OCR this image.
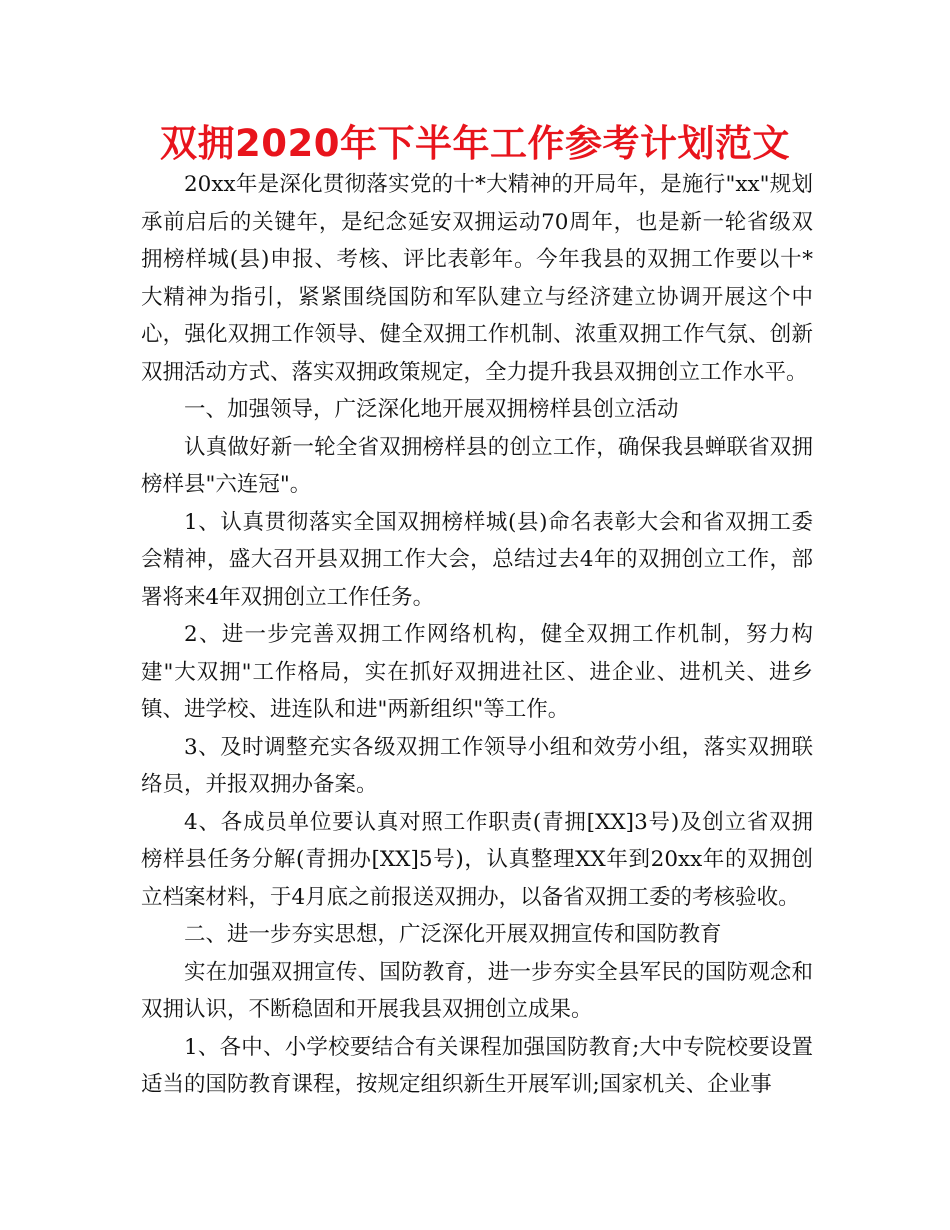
双拥2020年下半年工作参考计划范文

20xx年是深化贯彻落实党的十*大精神的开局年，是施行"xx"规划承前启后的关键年，是纪念延安双拥运动70周年，也是新一轮省级双拥榜样城(县)申报、考核、评比表彰年。今年我县的双拥工作要以十*大精神为指引，紧紧围绕国防和军队建立与经济建立协调开展这个中心，强化双拥工作领导、健全双拥工作机制、浓重双拥工作气氛、创新双拥活动方式、落实双拥政策规定，全力提升我县双拥创立工作水平。

一、加强领导，广泛深化地开展双拥榜样县创立活动

认真做好新一轮全省双拥榜样县的创立工作，确保我县蝉联省双拥榜样县"六连冠"。

1、认真贯彻落实全国双拥榜样城(县)命名表彰大会和省双拥工委会精神，盛大召开县双拥工作大会，总结过去4年的双拥创立工作，部署将来4年双拥创立工作任务。

2、进一步完善双拥工作网络机构，健全双拥工作机制，努力构建"大双拥"工作格局，实在抓好双拥进社区、进企业、进机关、进乡镇、进学校、进连队和进"两新组织"等工作。

3、及时调整充实各级双拥工作领导小组和效劳小组，落实双拥联络员，并报双拥办备案。

4、各成员单位要认真对照工作职责(青拥[XX]3号)及创立省双拥榜样县任务分解(青拥办[XX]5号)，认真整理XX年到20xx年的双拥创立档案材料，于4月底之前报送双拥办，以备省双拥工委的考核验收。

二、进一步夯实思想，广泛深化开展双拥宣传和国防教育

实在加强双拥宣传、国防教育，进一步夯实全县军民的国防观念和双拥认识，不断稳固和开展我县双拥创立成果。

1、各中、小学校要结合有关课程加强国防教育;大中专院校要设置适当的国防教育课程，按规定组织新生开展军训;国家机关、企业事
